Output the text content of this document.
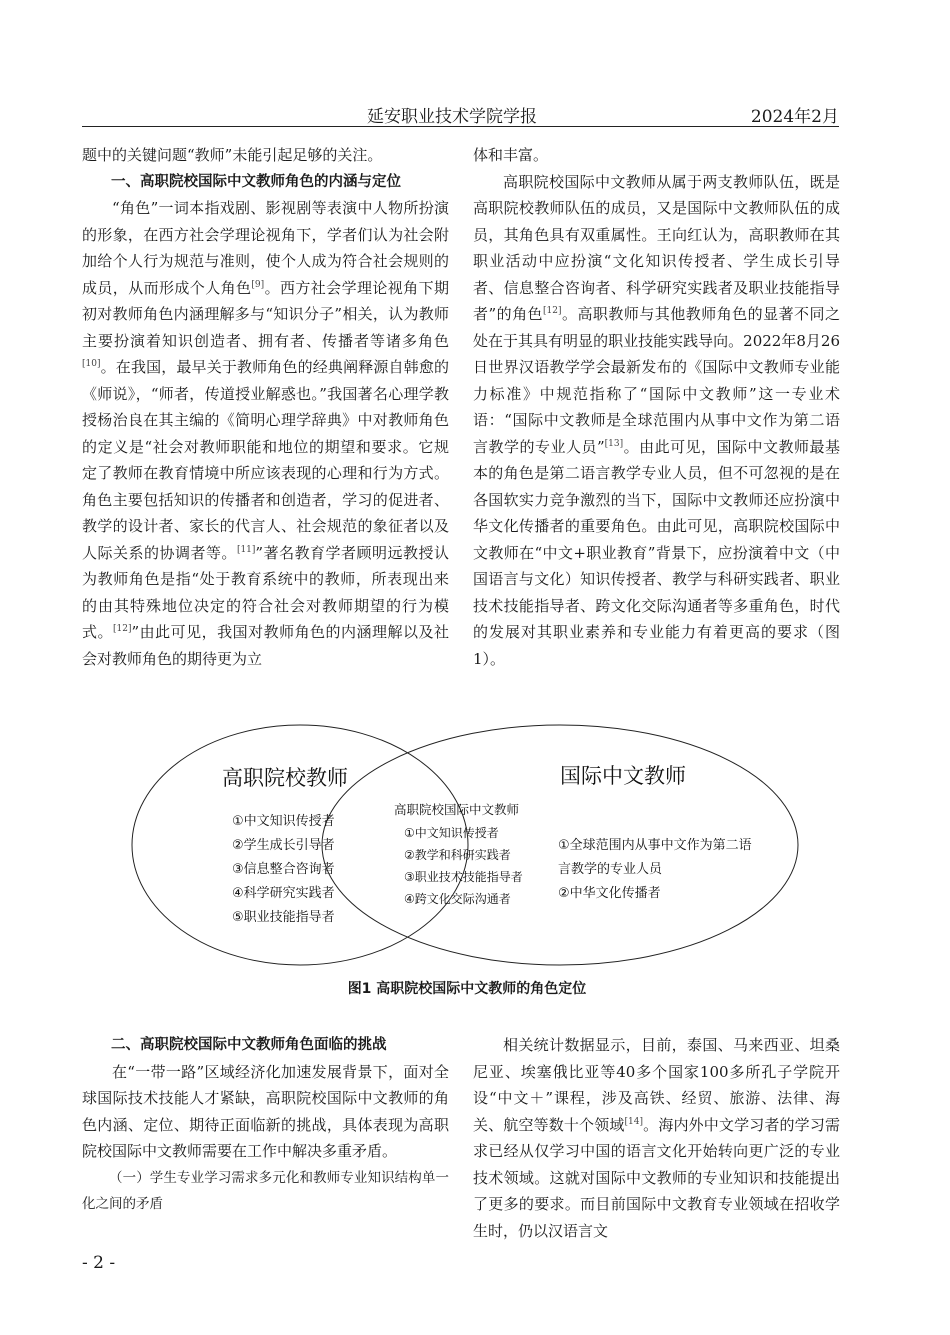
延安职业技术学院学报	2024年2月

题中的关键问题“教师”未能引起足够的关注。

一、高职院校国际中文教师角色的内涵与定位

“角色”一词本指戏剧、影视剧等表演中人物所扮演的形象，在西方社会学理论视角下，学者们认为社会附加给个人行为规范与准则，使个人成为符合社会规则的成员，从而形成个人角色[9]。西方社会学理论视角下期初对教师角色内涵理解多与“知识分子”相关，认为教师主要扮演着知识创造者、拥有者、传播者等诸多角色[10]。在我国，最早关于教师角色的经典阐释源自韩愈的《师说》，“师者，传道授业解惑也。”我国著名心理学教授杨治良在其主编的《简明心理学辞典》中对教师角色的定义是“社会对教师职能和地位的期望和要求。它规定了教师在教育情境中所应该表现的心理和行为方式。角色主要包括知识的传播者和创造者，学习的促进者、教学的设计者、家长的代言人、社会规范的象征者以及人际关系的协调者等。[11]”著名教育学者顾明远教授认为教师角色是指“处于教育系统中的教师，所表现出来的由其特殊地位决定的符合社会对教师期望的行为模式。[12]”由此可见，我国对教师角色的内涵理解以及社会对教师角色的期待更为立

体和丰富。

高职院校国际中文教师从属于两支教师队伍，既是高职院校教师队伍的成员，又是国际中文教师队伍的成员，其角色具有双重属性。王向红认为，高职教师在其职业活动中应扮演“文化知识传授者、学生成长引导者、信息整合咨询者、科学研究实践者及职业技能指导者”的角色[12]。高职教师与其他教师角色的显著不同之处在于其具有明显的职业技能实践导向。2022年8月26日世界汉语教学学会最新发布的《国际中文教师专业能力标准》中规范指称了“国际中文教师”这一专业术语：“国际中文教师是全球范围内从事中文作为第二语言教学的专业人员”[13]。由此可见，国际中文教师最基本的角色是第二语言教学专业人员，但不可忽视的是在各国软实力竞争激烈的当下，国际中文教师还应扮演中华文化传播者的重要角色。由此可见，高职院校国际中文教师在“中文+职业教育”背景下，应扮演着中文（中国语言与文化）知识传授者、教学与科研实践者、职业技术技能指导者、跨文化交际沟通者等多重角色，时代的发展对其职业素养和专业能力有着更高的要求（图1）。

高职院校教师
①中文知识传授者
②学生成长引导者
③信息整合咨询者
④科学研究实践者
⑤职业技能指导者
高职院校国际中文教师
①中文知识传授者
②教学和科研实践者
③职业技术技能指导者
④跨文化交际沟通者
国际中文教师
①全球范围内从事中文作为第二语
言教学的专业人员
②中华文化传播者
图1 高职院校国际中文教师的角色定位

二、高职院校国际中文教师角色面临的挑战

在“一带一路”区域经济化加速发展背景下，面对全球国际技术技能人才紧缺，高职院校国际中文教师的角色内涵、定位、期待正面临新的挑战，具体表现为高职院校国际中文教师需要在工作中解决多重矛盾。

（一）学生专业学习需求多元化和教师专业知识结构单一化之间的矛盾

相关统计数据显示，目前，泰国、马来西亚、坦桑尼亚、埃塞俄比亚等40多个国家100多所孔子学院开设“中文＋”课程，涉及高铁、经贸、旅游、法律、海关、航空等数十个领域[14]。海内外中文学习者的学习需求已经从仅学习中国的语言文化开始转向更广泛的专业技术领域。这就对国际中文教师的专业知识和技能提出了更多的要求。而目前国际中文教育专业领域在招收学生时，仍以汉语言文

- 2 -
